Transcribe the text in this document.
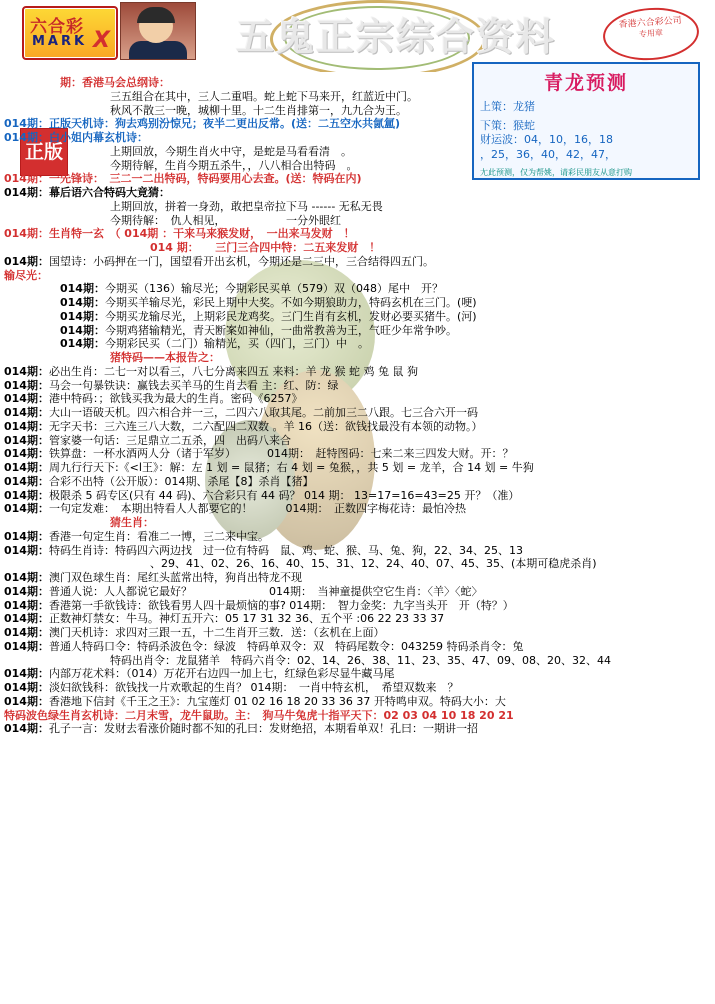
五鬼正宗综合资料
六合彩
MARK X
香港六合彩公司
专用章
正版
青龙预测
上策：龙猪
下策：猴蛇
财运波：04，10，16，18
，25，36，40，42，47，
尢此预测，仅为帮姚，请彩民朋友从意打购
期：香港马会总纲诗：
三五组合在其中，三人二重唱。蛇上蛇下马来开，红蓝近中门。
秋风不散三一晚，城柳十里。十二生肖排第一，九九合为王。
014期：正版天机诗：狗去鸡别汾惊兄；夜半二更出反常。(送：二五空水共氤氲)
014期：白小姐内幕玄机诗：
上期回放，今期生肖火中守，是蛇是马看看清　。
今期待解，生肖今期五杀牛，，八八相合出特码　。
014期：一先锋诗：　三二一二出特码，特码要用心去查。(送：特码在内)
014期：幕后语六合特码大竟猜：
上期回放，拼着一身劲，敢把皇帝拉下马 ------ 无私无畏
今期待解：　仇人相见，　　　　　　一分外眼红
014期：生肖特一玄　（ 014期 ：干来马来猴发财，　一出来马发财　！
014 期：　　三门三合四中特：二五来发财　！
014期：国望诗：小码押在一门，国望看开出玄机，今期还是二三中，三合结得四五门。
输尽光：
014期：今期买（136）输尽光；今期彩民买单（579）双（048）尾中　开？
014期：今期买羊输尽光，彩民上期中大奖。不如今期狼助力，特码玄机在三门。(哽)
014期：今期买龙输尽光，上期彩民龙鸡奖。三门生肖有玄机，发财必要买猪牛。(河)
014期：今期鸡猪输精光，青天断案如神仙，一曲常教善为王，气旺少年常争吵。
014期：今期彩民买（二门）输精光，买（四门，三门）中　。
猪特码——本报告之：
014期：必出生肖：二七一对以看三，八七分离来四五 来料：羊 龙 猴 蛇 鸡 兔 鼠 狗
014期：马会一句暴铁诀：赢钱去买羊马的生肖去看 主：红、防：绿
014期：港中特码：；欲钱买我为最大的生肖。密码《6257》
014期：大山一语破天机。四六相合并一三，二四六八取其尾。二前加三二八跟。七三合六开一码
014期：无字天书：三六连三八大数，二六配四二双数 。羊 16（送：欲钱找最没有本领的动物。）
014期：管家婆一句话：三足鼎立二五杀，四　出码八来合
014期：铁算盘：一杯水酒两人分（诸于军岁）　　　 014期：　赶特图码：七来二来三四发大财。开：？
014期：周九行行天下:《<ا王》：解：左 1 划 = 鼠猪；右 4 划 = 兔猴，，共 5 划 = 龙羊，合 14 划 = 牛狗
014期：合彩不出特（公开版）：014期、杀尾【8】杀肖【猪】
014期：极限杀 5 码专区(只有 44 码)、六合彩只有 44 码？ 014 期： 13=17=16=43=25 开？（准）
014期：一句定发难：　本期出特看人人都要它的！　　　014期：　正数四字梅花诗：最怕冷热
猜生肖：
014期：香港一句定生肖：看准二一博，三二来中宝。
014期：特码生肖诗：特码四六两边找　过一位有特码　鼠、鸡、蛇、猴、马、兔、狗，22、34、25、13
、29、41、02、26、16、40、15、31、12、24、40、07、45、35、(本期可稳虎杀肖)
014期：澳门双色球生肖：尾红头蓝常出特，狗肖出特龙不现
014期：普通人说：人人都说它最好？　　　　　　　014期：　当神童提供空它生肖：〈羊〉〈蛇〉
014期：香港第一手欲钱诗：欲钱看男人四十最烦恼的事? 014期：　智力金奖：九字当头开　开（特？）
014期：正数神灯禁女：牛马。神灯五开六：05 17 31 32 36、五个平 :06 22 23 33 37
014期：澳门天机诗：求四对三跟一五，十二生肖开三数．送：（玄机在上面）
014期：普通人特码口令：特码杀波色令：绿波　特码单双令：双　特码尾数令：043259 特码杀肖令：兔
特码出肖令：龙鼠猪羊　特码六肖令：02、14、26、38、11、23、35、47、09、08、20、32、44
014期：内部万花术料：（014）万花开右边四一加上七，红绿色彩尽显牛藏马尾
014期：淡妇欲钱科：欲钱找一片欢歌起的生肖？ 014期：　一肖中特玄机，　希望双数来　？
014期：香港地下信封《千王之王》：九宝莲灯 01 02 16 18 20 33 36 37 开特鸣申双。特码大小：大
特码波色绿生肖玄机诗：二月末雪，龙牛鼠助。主：　狗马牛兔虎十指平天下：02 03 04 10 18 20 21
014期：孔子一言：发财去看涨价随时都不知的孔曰：发财绝招，本期看单双！孔曰：一期讲一招
